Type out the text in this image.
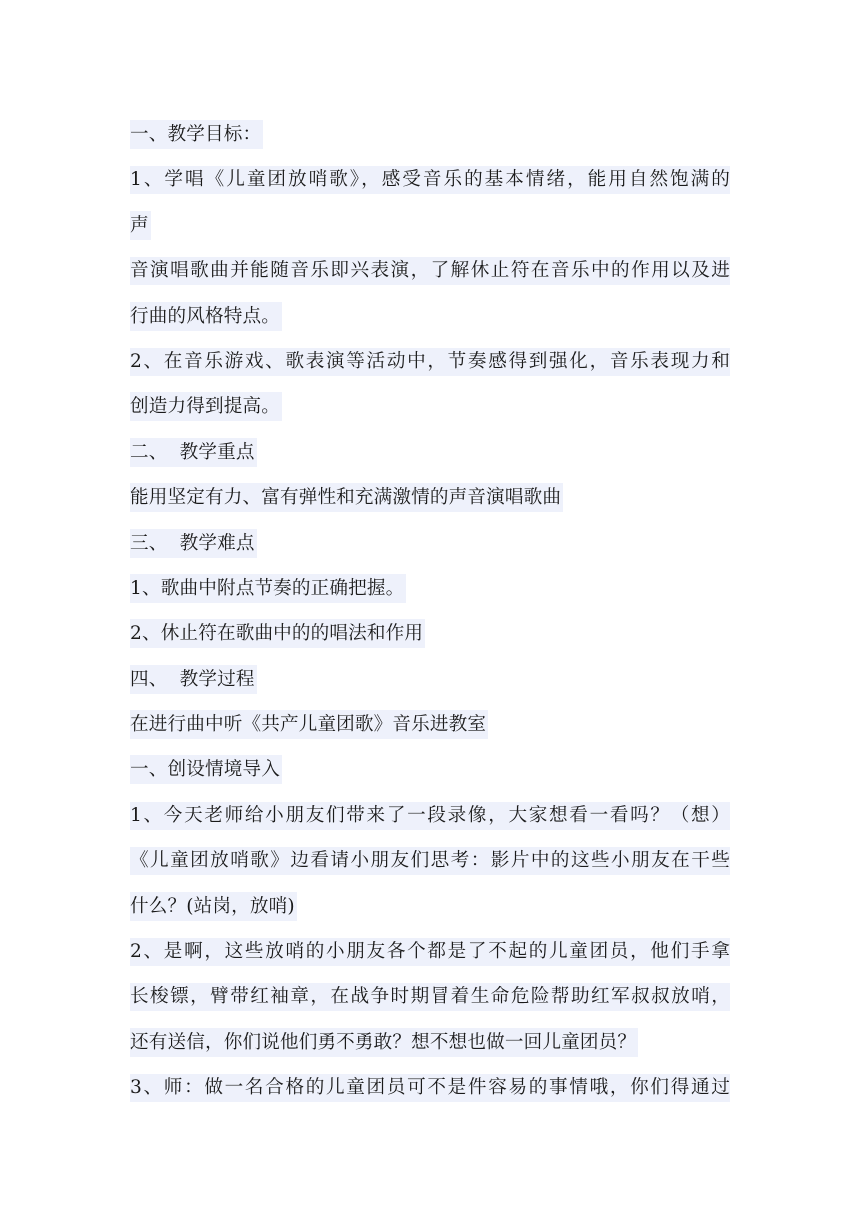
一、教学目标：
1、学唱《儿童团放哨歌》，感受音乐的基本情绪，能用自然饱满的
声
音演唱歌曲并能随音乐即兴表演，了解休止符在音乐中的作用以及进
行曲的风格特点。
2、在音乐游戏、歌表演等活动中，节奏感得到强化，音乐表现力和
创造力得到提高。
二、  教学重点
能用坚定有力、富有弹性和充满激情的声音演唱歌曲
三、  教学难点
1、歌曲中附点节奏的正确把握。
2、休止符在歌曲中的的唱法和作用
四、  教学过程
在进行曲中听《共产儿童团歌》音乐进教室
一、创设情境导入
1、今天老师给小朋友们带来了一段录像，大家想看一看吗？（想）
《儿童团放哨歌》边看请小朋友们思考：影片中的这些小朋友在干些
什么？(站岗，放哨)
2、是啊，这些放哨的小朋友各个都是了不起的儿童团员，他们手拿
长梭镖，臂带红袖章，在战争时期冒着生命危险帮助红军叔叔放哨，
还有送信，你们说他们勇不勇敢？想不想也做一回儿童团员？
3、师：做一名合格的儿童团员可不是件容易的事情哦，你们得通过
